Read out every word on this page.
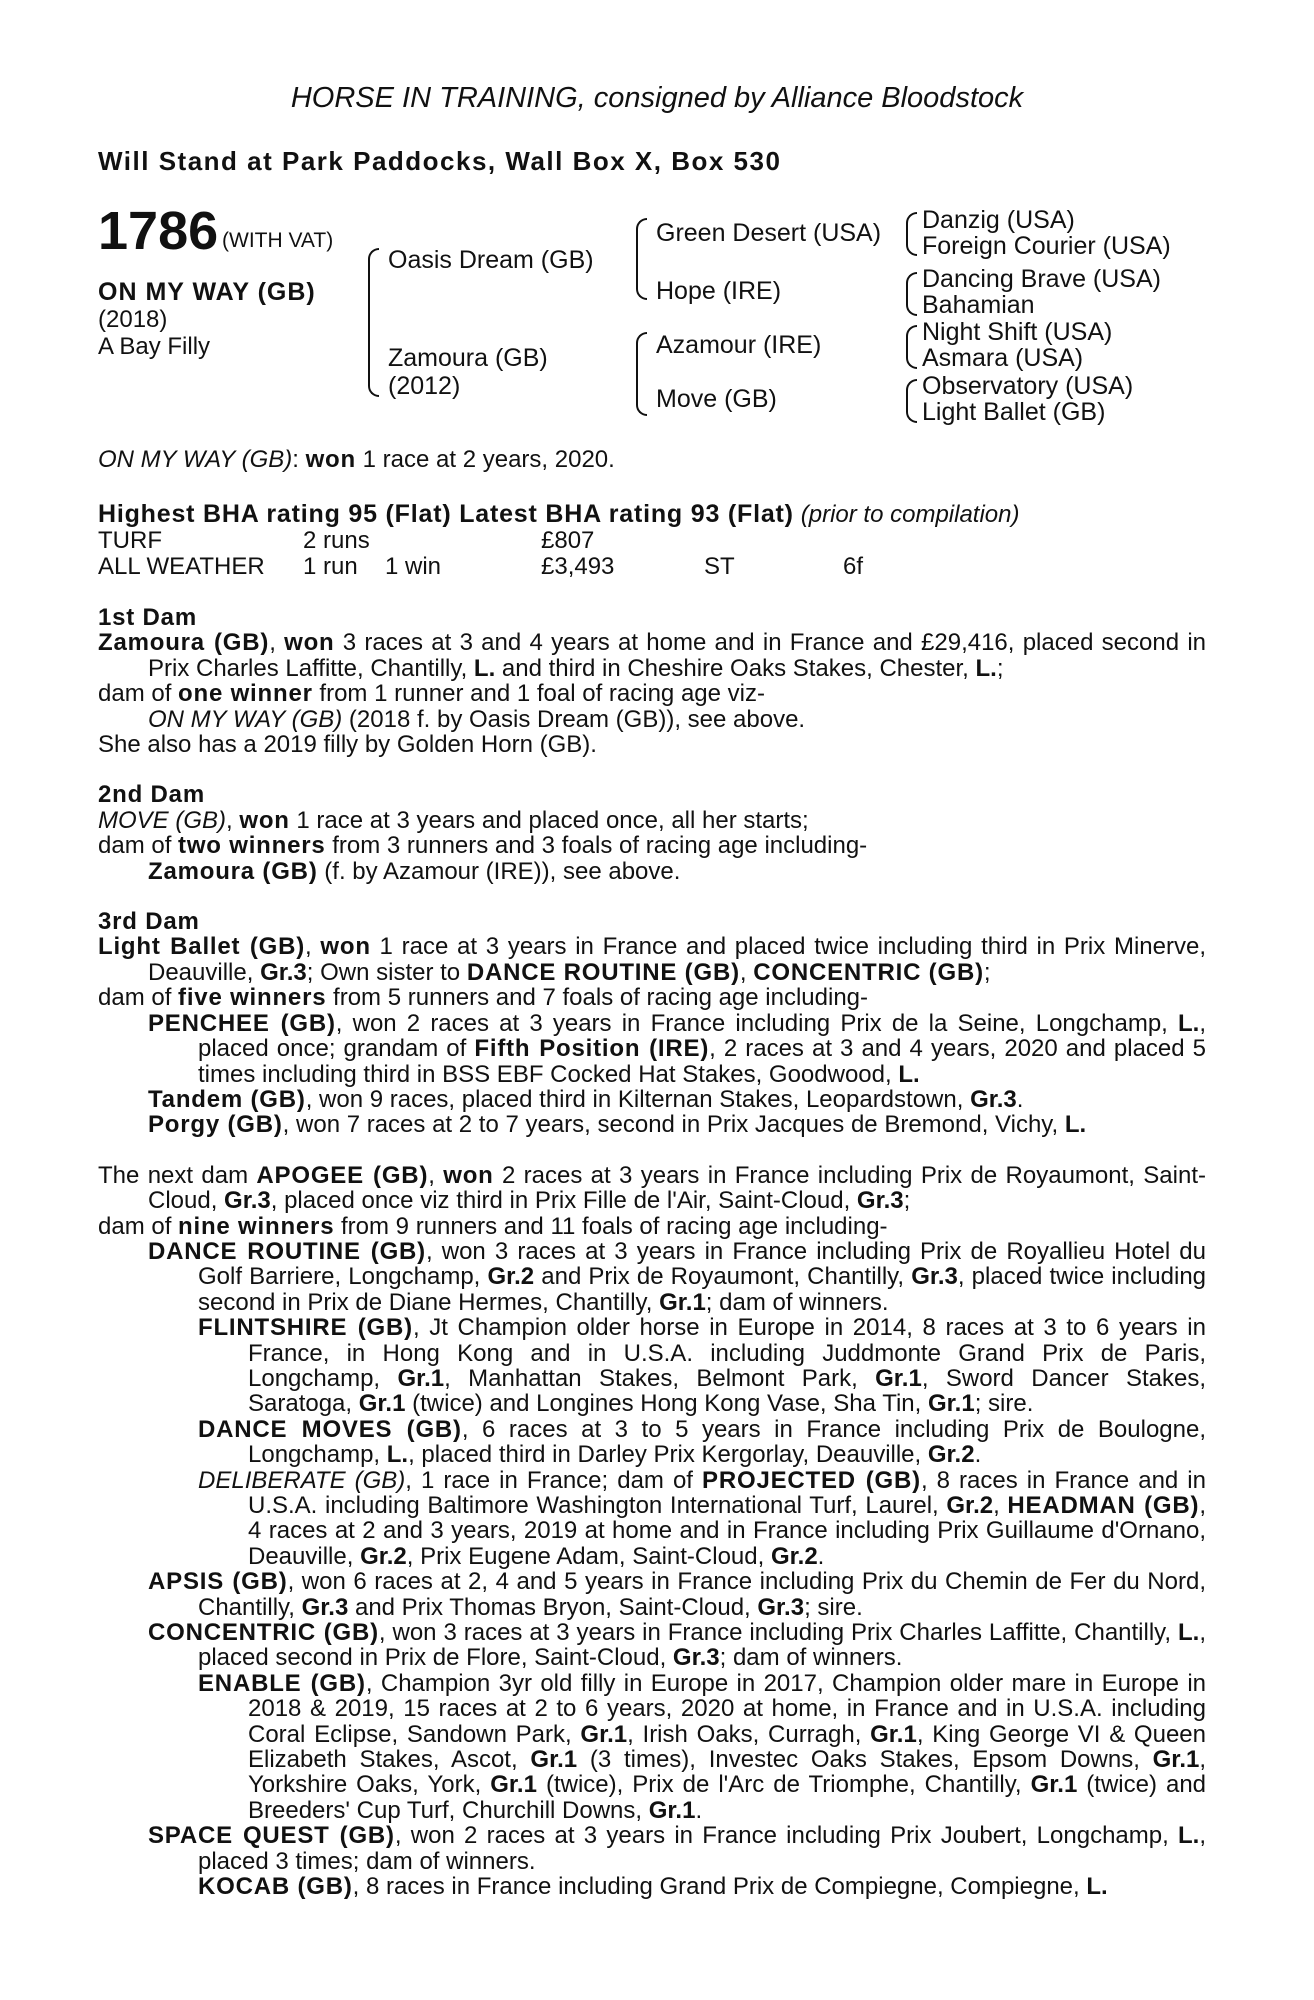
HORSE IN TRAINING, consigned by Alliance Bloodstock
Will Stand at Park Paddocks, Wall Box X, Box 530
1786 (WITH VAT)
ON MY WAY (GB)
(2018)
A Bay Filly
Oasis Dream (GB)
Zamoura (GB)
(2012)
Green Desert (USA)
Hope (IRE)
Azamour (IRE)
Move (GB)
Danzig (USA)
Foreign Courier (USA)
Dancing Brave (USA)
Bahamian
Night Shift (USA)
Asmara (USA)
Observatory (USA)
Light Ballet (GB)
ON MY WAY (GB): won 1 race at 2 years, 2020.
Highest BHA rating 95 (Flat) Latest BHA rating 93 (Flat) (prior to compilation)
TURF	2 runs	£807
ALL WEATHER 1 run 1 win	£3,493	ST	6f

1st Dam

Zamoura (GB), won 3 races at 3 and 4 years at home and in France and £29,416, placed second in Prix Charles Laffitte, Chantilly, L. and third in Cheshire Oaks Stakes, Chester, L.;

dam of one winner from 1 runner and 1 foal of racing age viz-

ON MY WAY (GB) (2018 f. by Oasis Dream (GB)), see above.

She also has a 2019 filly by Golden Horn (GB).

2nd Dam

MOVE (GB), won 1 race at 3 years and placed once, all her starts;

dam of two winners from 3 runners and 3 foals of racing age including-

Zamoura (GB) (f. by Azamour (IRE)), see above.

3rd Dam

Light Ballet (GB), won 1 race at 3 years in France and placed twice including third in Prix Minerve, Deauville, Gr.3; Own sister to DANCE ROUTINE (GB), CONCENTRIC (GB);

dam of five winners from 5 runners and 7 foals of racing age including-

PENCHEE (GB), won 2 races at 3 years in France including Prix de la Seine, Longchamp, L., placed once; grandam of Fifth Position (IRE), 2 races at 3 and 4 years, 2020 and placed 5 times including third in BSS EBF Cocked Hat Stakes, Goodwood, L.

Tandem (GB), won 9 races, placed third in Kilternan Stakes, Leopardstown, Gr.3.

Porgy (GB), won 7 races at 2 to 7 years, second in Prix Jacques de Bremond, Vichy, L.

The next dam APOGEE (GB), won 2 races at 3 years in France including Prix de Royaumont, Saint-Cloud, Gr.3, placed once viz third in Prix Fille de l'Air, Saint-Cloud, Gr.3;

dam of nine winners from 9 runners and 11 foals of racing age including-

DANCE ROUTINE (GB), won 3 races at 3 years in France including Prix de Royallieu Hotel du Golf Barriere, Longchamp, Gr.2 and Prix de Royaumont, Chantilly, Gr.3, placed twice including second in Prix de Diane Hermes, Chantilly, Gr.1; dam of winners.

FLINTSHIRE (GB), Jt Champion older horse in Europe in 2014, 8 races at 3 to 6 years in France, in Hong Kong and in U.S.A. including Juddmonte Grand Prix de Paris, Longchamp, Gr.1, Manhattan Stakes, Belmont Park, Gr.1, Sword Dancer Stakes, Saratoga, Gr.1 (twice) and Longines Hong Kong Vase, Sha Tin, Gr.1; sire.

DANCE MOVES (GB), 6 races at 3 to 5 years in France including Prix de Boulogne, Longchamp, L., placed third in Darley Prix Kergorlay, Deauville, Gr.2.

DELIBERATE (GB), 1 race in France; dam of PROJECTED (GB), 8 races in France and in U.S.A. including Baltimore Washington International Turf, Laurel, Gr.2, HEADMAN (GB), 4 races at 2 and 3 years, 2019 at home and in France including Prix Guillaume d'Ornano, Deauville, Gr.2, Prix Eugene Adam, Saint-Cloud, Gr.2.

APSIS (GB), won 6 races at 2, 4 and 5 years in France including Prix du Chemin de Fer du Nord, Chantilly, Gr.3 and Prix Thomas Bryon, Saint-Cloud, Gr.3; sire.

CONCENTRIC (GB), won 3 races at 3 years in France including Prix Charles Laffitte, Chantilly, L., placed second in Prix de Flore, Saint-Cloud, Gr.3; dam of winners.

ENABLE (GB), Champion 3yr old filly in Europe in 2017, Champion older mare in Europe in 2018 & 2019, 15 races at 2 to 6 years, 2020 at home, in France and in U.S.A. including Coral Eclipse, Sandown Park, Gr.1, Irish Oaks, Curragh, Gr.1, King George VI & Queen Elizabeth Stakes, Ascot, Gr.1 (3 times), Investec Oaks Stakes, Epsom Downs, Gr.1, Yorkshire Oaks, York, Gr.1 (twice), Prix de l'Arc de Triomphe, Chantilly, Gr.1 (twice) and Breeders' Cup Turf, Churchill Downs, Gr.1.

SPACE QUEST (GB), won 2 races at 3 years in France including Prix Joubert, Longchamp, L., placed 3 times; dam of winners.

KOCAB (GB), 8 races in France including Grand Prix de Compiegne, Compiegne, L.
